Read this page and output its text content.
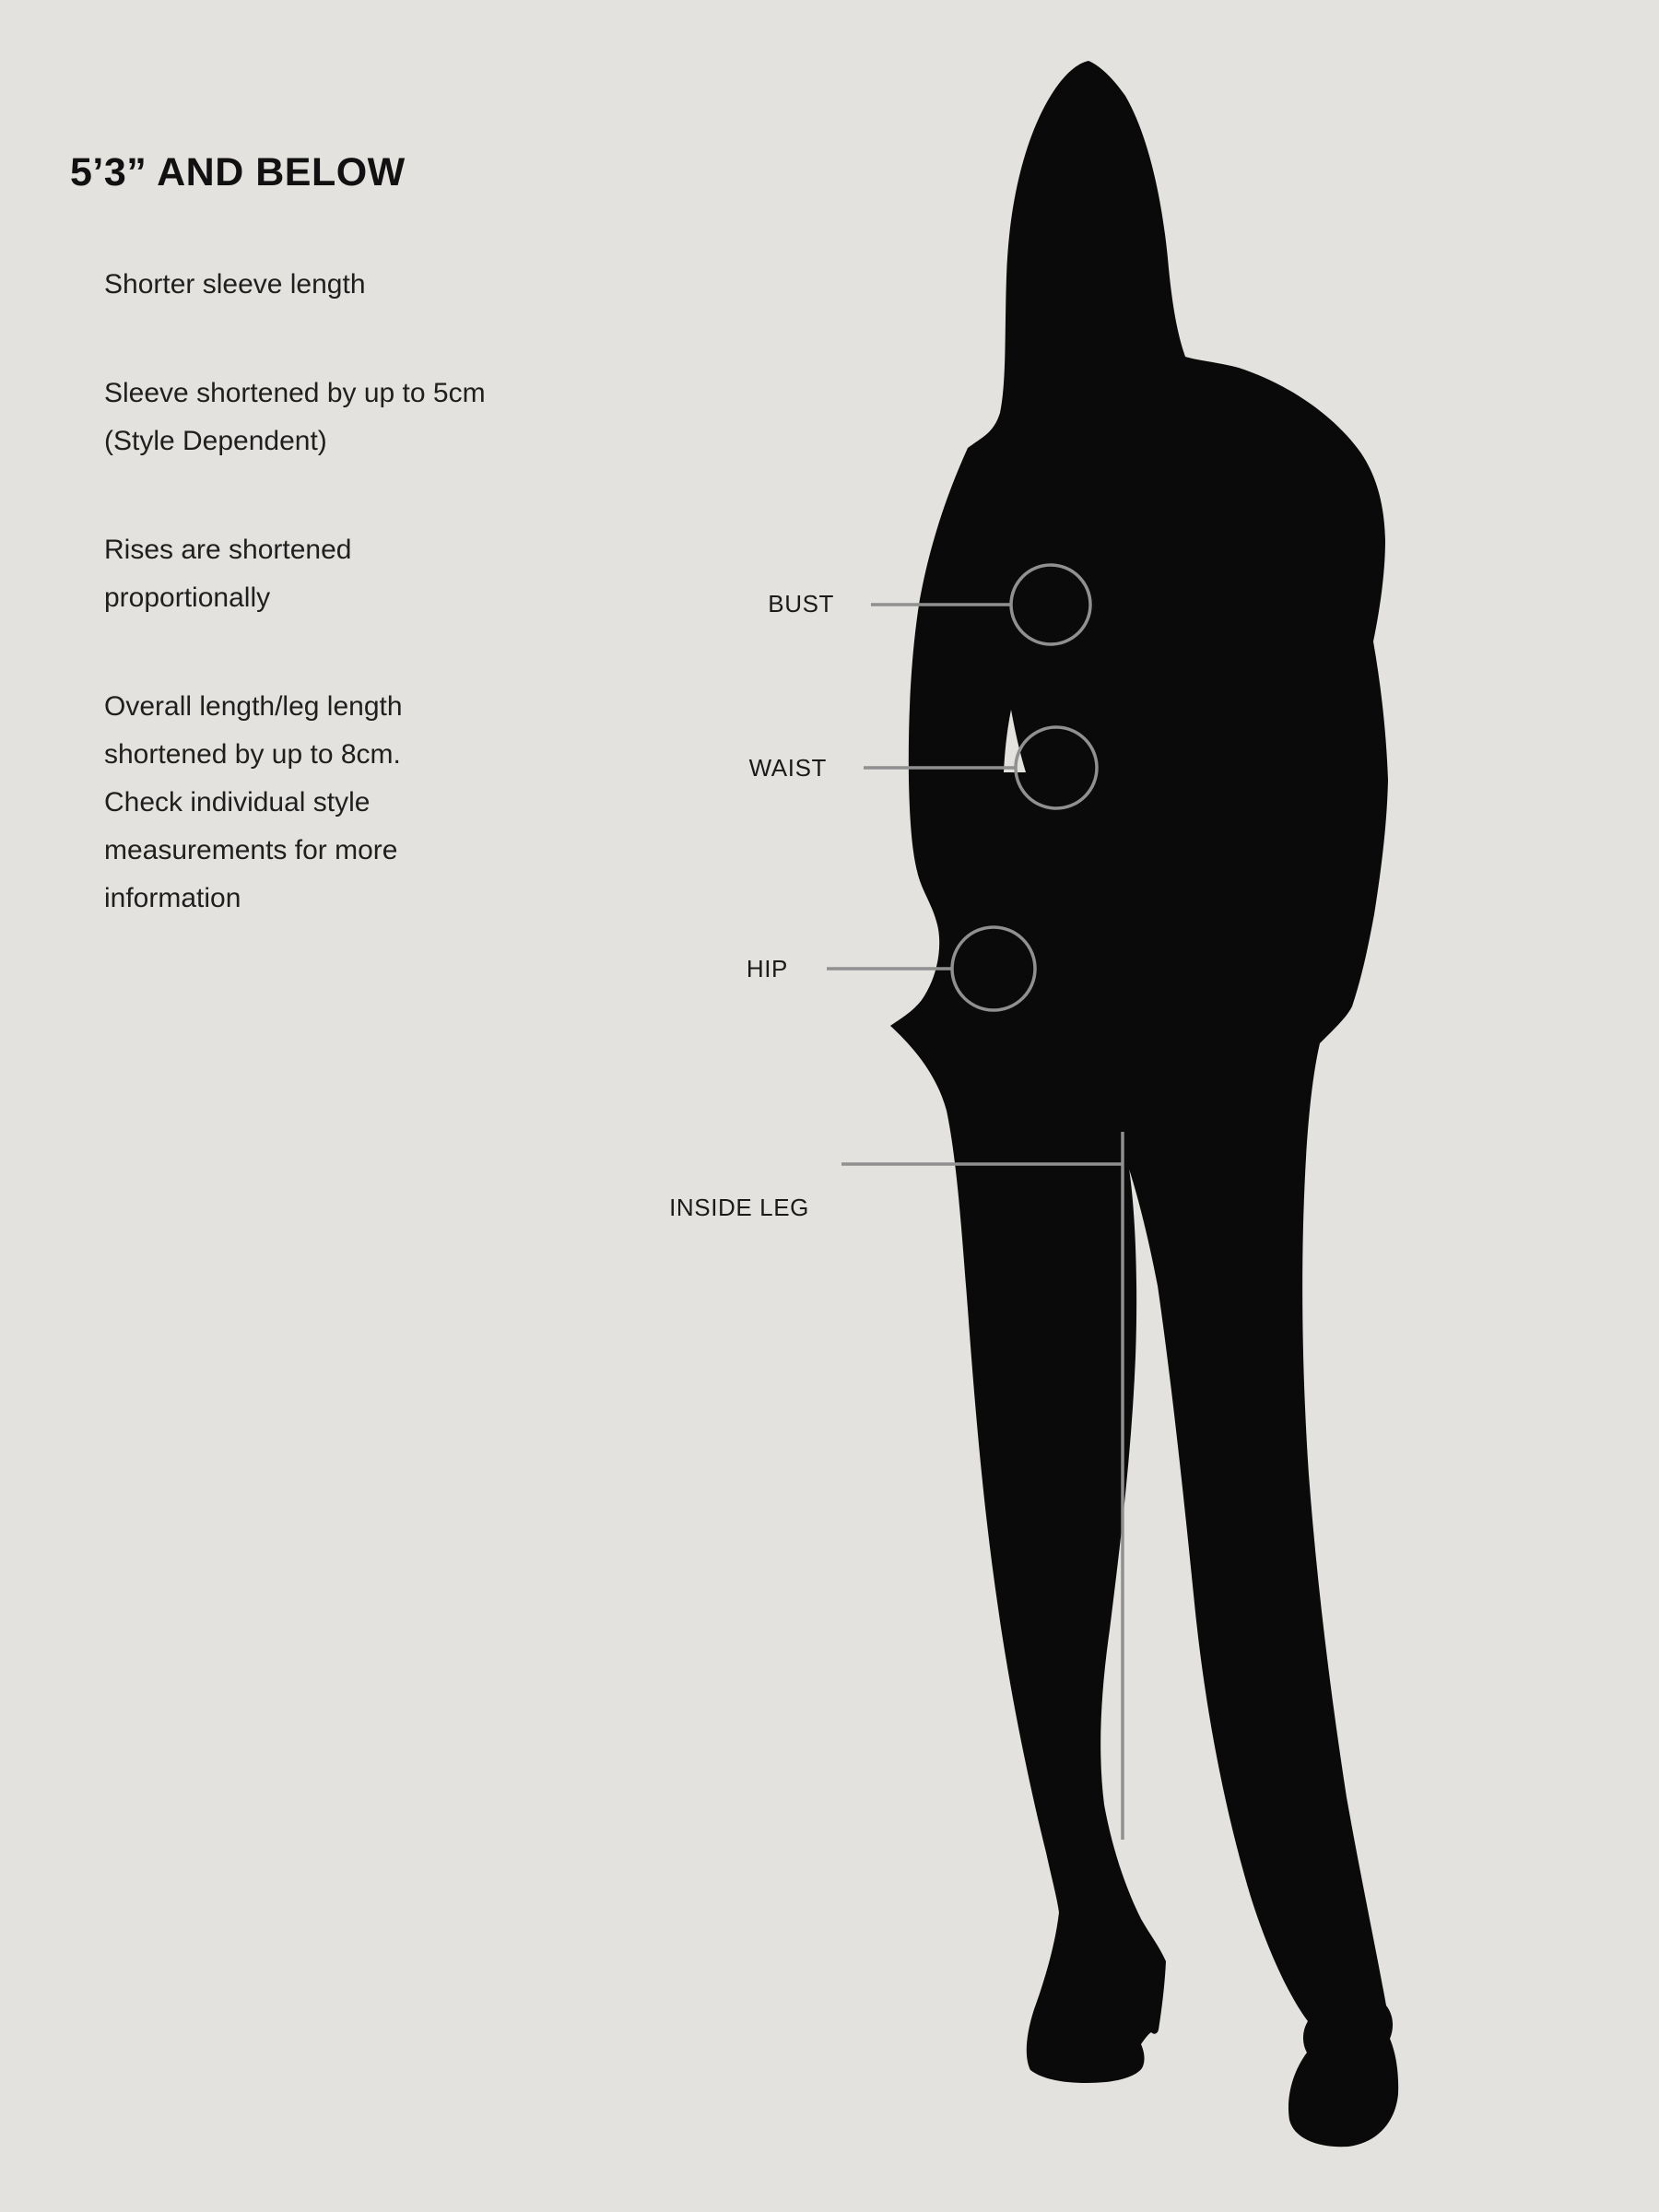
5’3” AND BELOW
Shorter sleeve length
Sleeve shortened by up to 5cm
(Style Dependent)
Rises are shortened
proportionally
Overall length/leg length
shortened by up to 8cm.
Check individual style
measurements for more
information
BUST
WAIST
HIP
INSIDE LEG
